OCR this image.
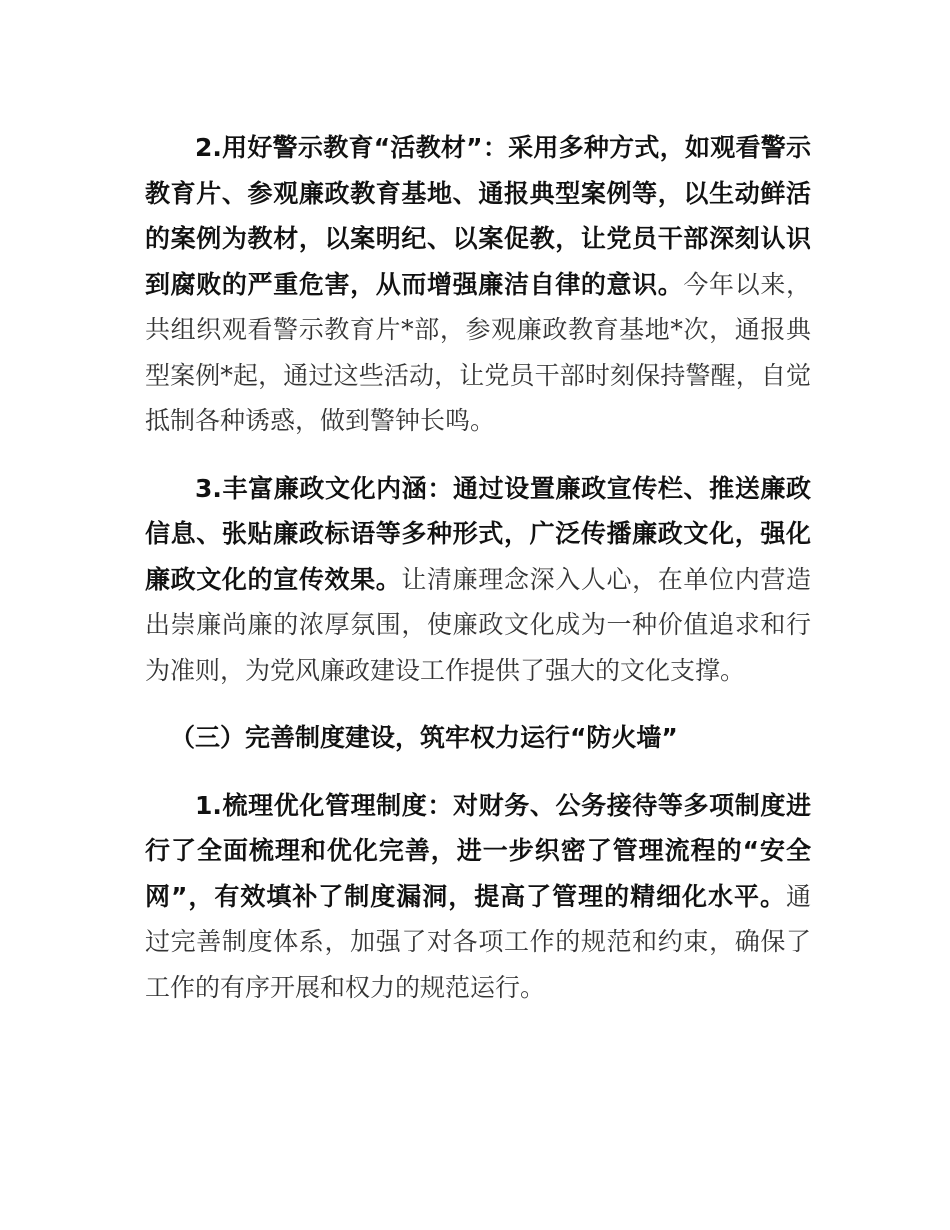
2.用好警示教育“活教材”：采用多种方式，如观看警示教育片、参观廉政教育基地、通报典型案例等，以生动鲜活的案例为教材，以案明纪、以案促教，让党员干部深刻认识到腐败的严重危害，从而增强廉洁自律的意识。今年以来，共组织观看警示教育片*部，参观廉政教育基地*次，通报典型案例*起，通过这些活动，让党员干部时刻保持警醒，自觉抵制各种诱惑，做到警钟长鸣。

3.丰富廉政文化内涵：通过设置廉政宣传栏、推送廉政信息、张贴廉政标语等多种形式，广泛传播廉政文化，强化廉政文化的宣传效果。让清廉理念深入人心，在单位内营造出崇廉尚廉的浓厚氛围，使廉政文化成为一种价值追求和行为准则，为党风廉政建设工作提供了强大的文化支撑。

（三）完善制度建设，筑牢权力运行“防火墙”

1.梳理优化管理制度：对财务、公务接待等多项制度进行了全面梳理和优化完善，进一步织密了管理流程的“安全网”，有效填补了制度漏洞，提高了管理的精细化水平。通过完善制度体系，加强了对各项工作的规范和约束，确保了工作的有序开展和权力的规范运行。
